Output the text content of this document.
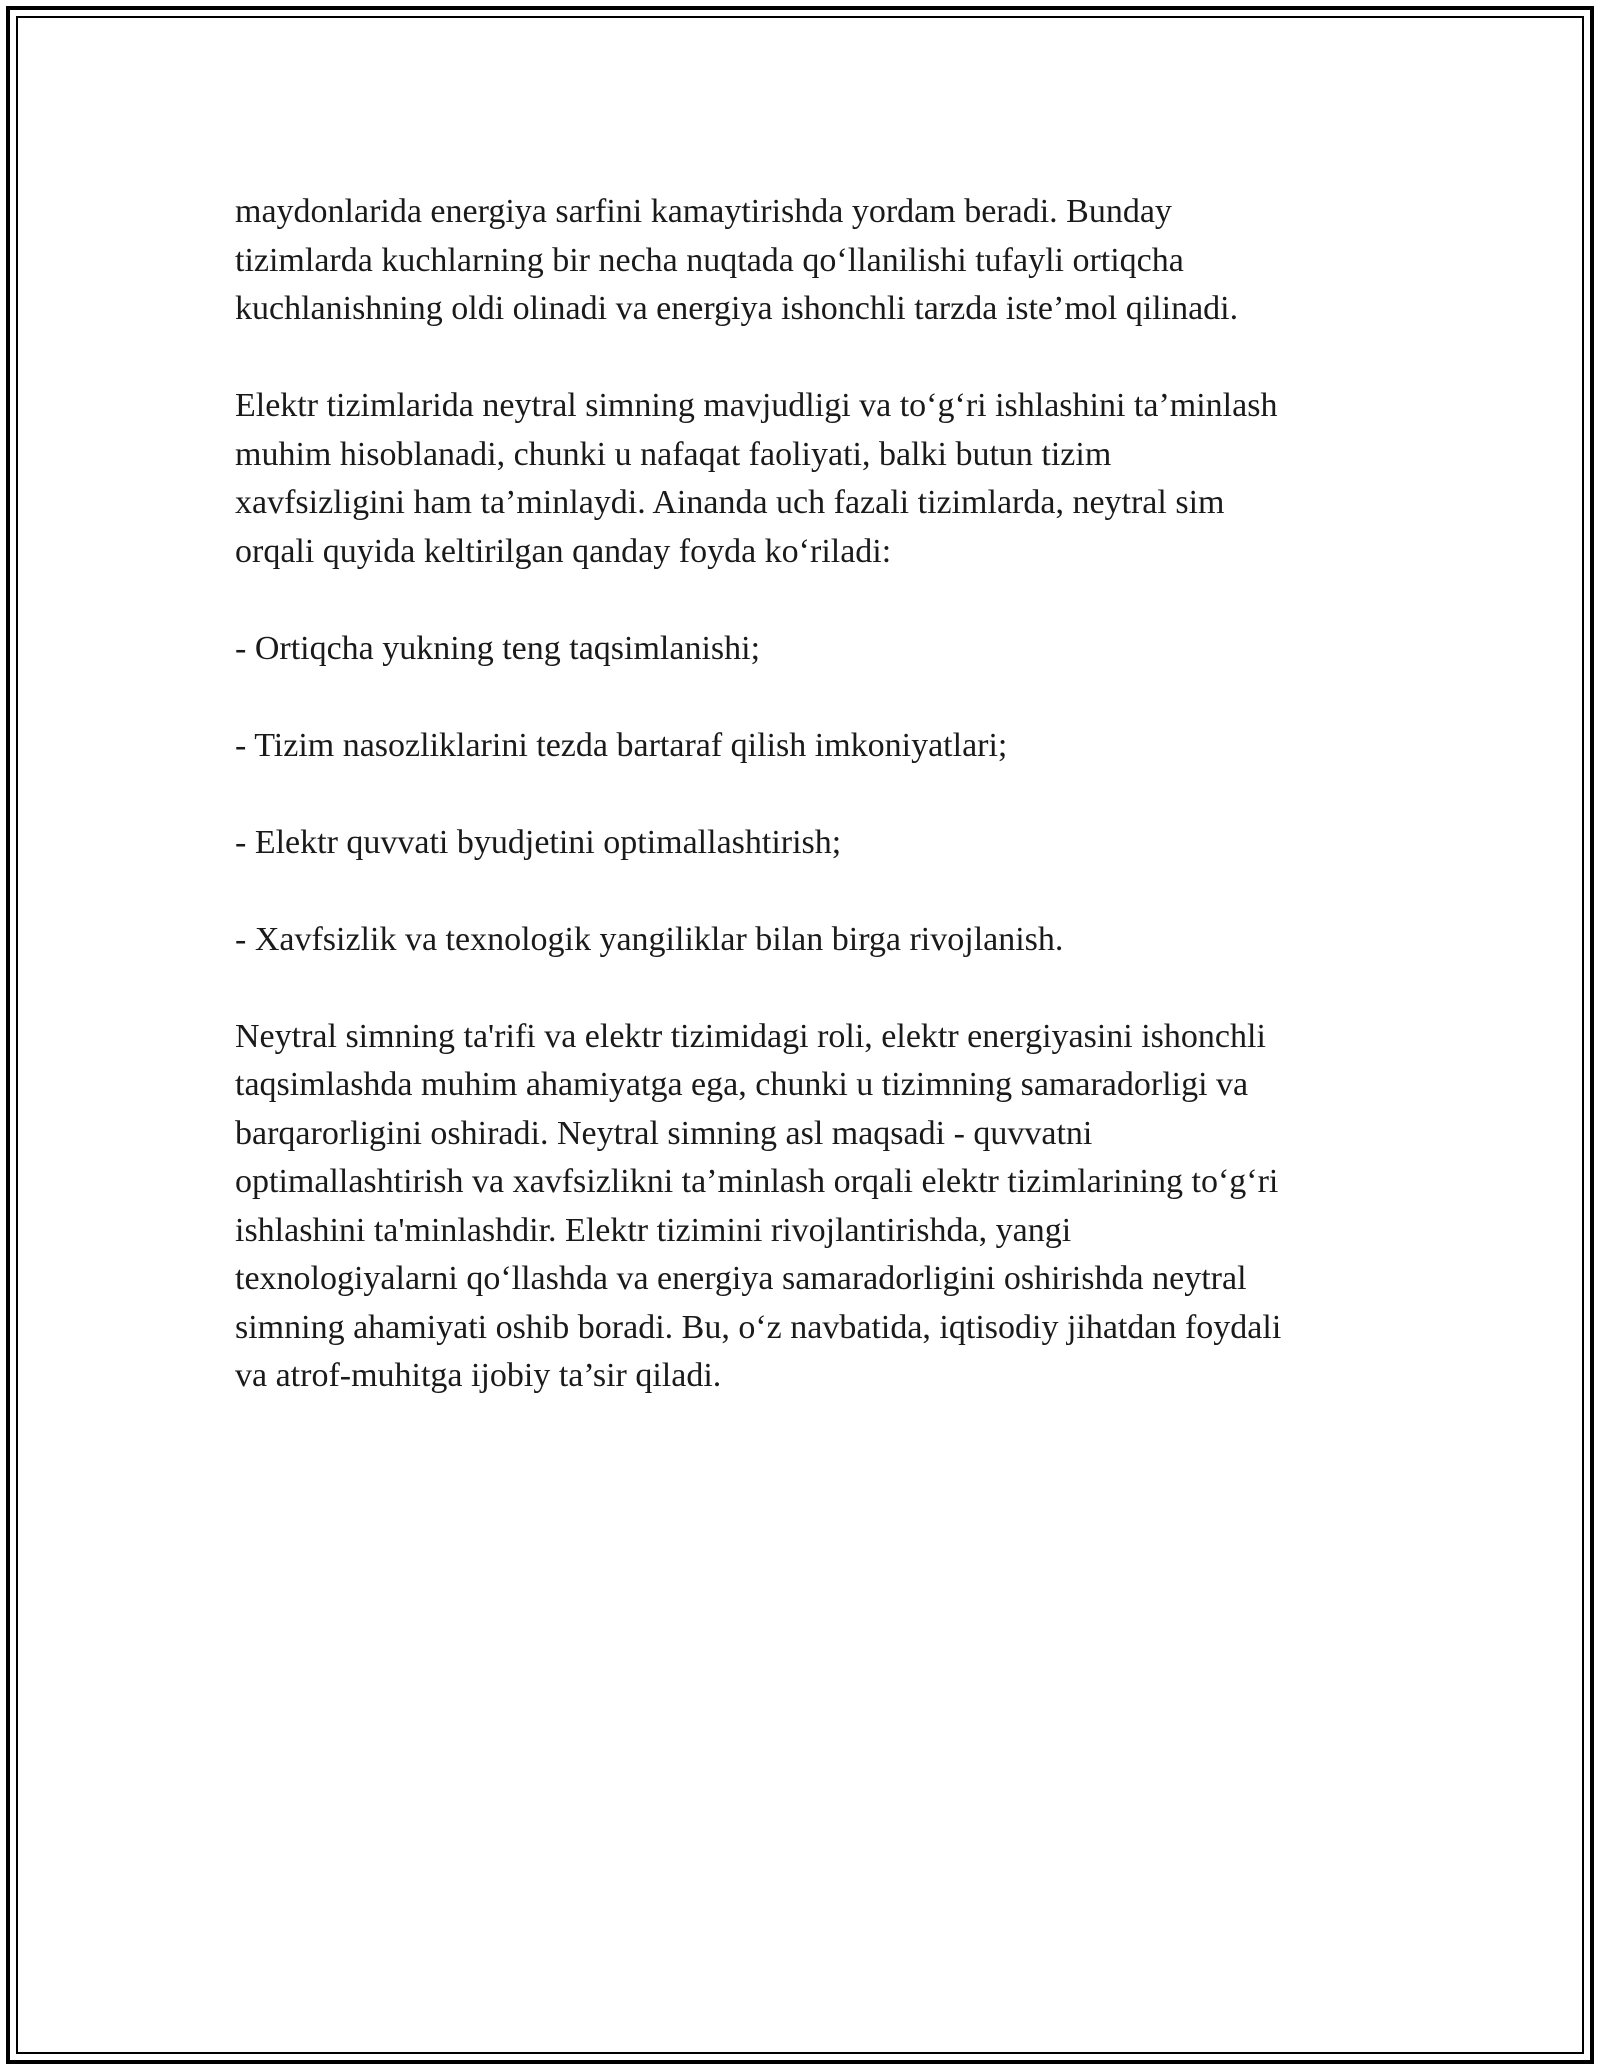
maydonlarida energiya sarfini kamaytirishda yordam beradi. Bunday
tizimlarda kuchlarning bir necha nuqtada qo‘llanilishi tufayli ortiqcha
kuchlanishning oldi olinadi va energiya ishonchli tarzda iste’mol qilinadi.

Elektr tizimlarida neytral simning mavjudligi va to‘g‘ri ishlashini ta’minlash
muhim hisoblanadi, chunki u nafaqat faoliyati, balki butun tizim
xavfsizligini ham ta’minlaydi. Ainanda uch fazali tizimlarda, neytral sim
orqali quyida keltirilgan qanday foyda ko‘riladi:

- Ortiqcha yukning teng taqsimlanishi;

- Tizim nasozliklarini tezda bartaraf qilish imkoniyatlari;

- Elektr quvvati byudjetini optimallashtirish;

- Xavfsizlik va texnologik yangiliklar bilan birga rivojlanish.

Neytral simning ta'rifi va elektr tizimidagi roli, elektr energiyasini ishonchli
taqsimlashda muhim ahamiyatga ega, chunki u tizimning samaradorligi va
barqarorligini oshiradi. Neytral simning asl maqsadi - quvvatni
optimallashtirish va xavfsizlikni ta’minlash orqali elektr tizimlarining to‘g‘ri
ishlashini ta'minlashdir. Elektr tizimini rivojlantirishda, yangi
texnologiyalarni qo‘llashda va energiya samaradorligini oshirishda neytral
simning ahamiyati oshib boradi. Bu, o‘z navbatida, iqtisodiy jihatdan foydali
va atrof-muhitga ijobiy ta’sir qiladi.
